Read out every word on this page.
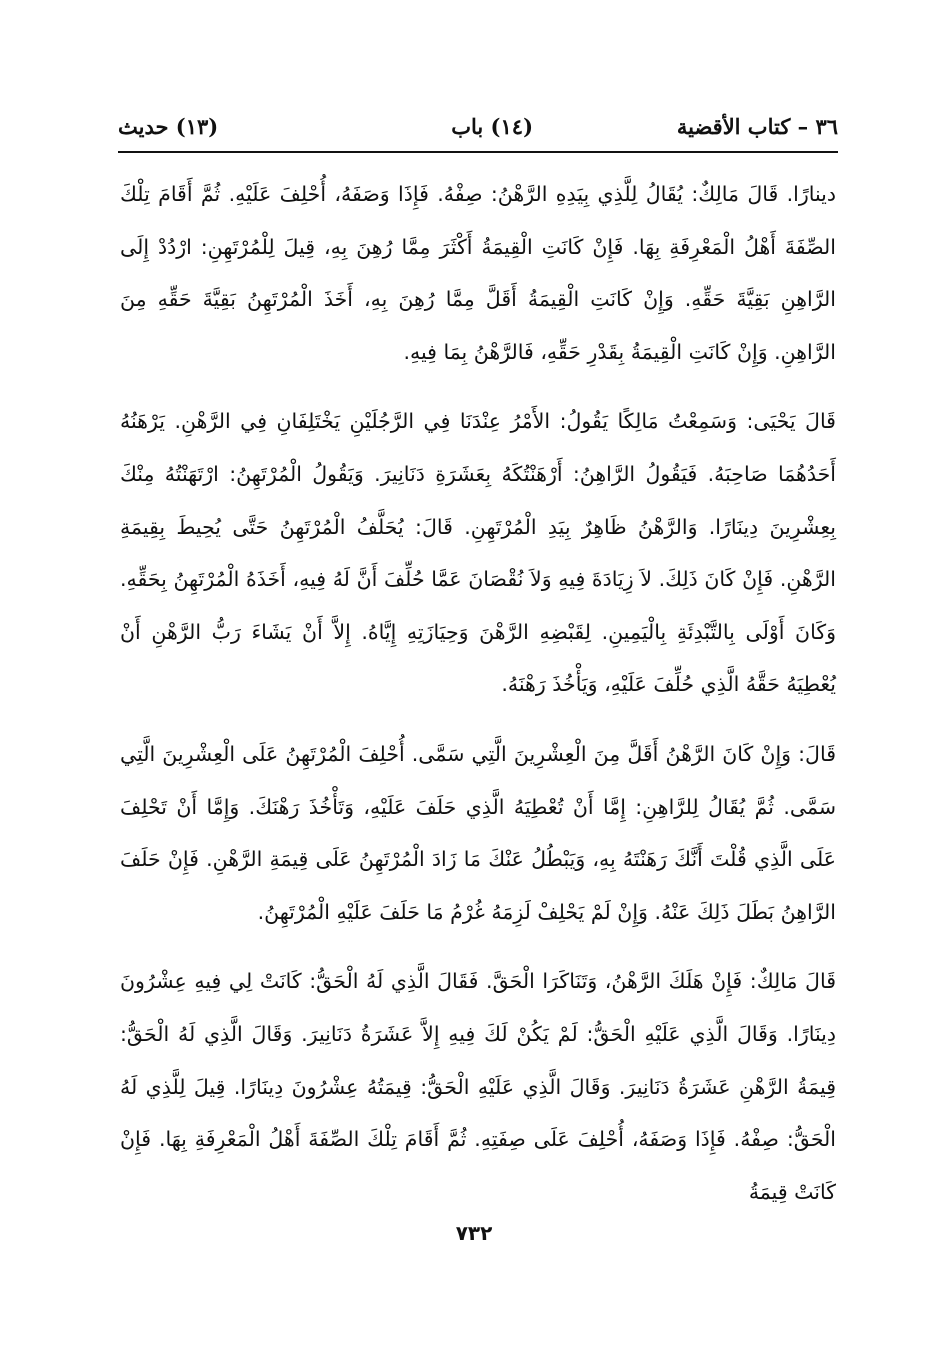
٣٦ – كتاب الأقضية
(١٤) باب
(١٣) حديث

دينارًا. قَالَ مَالِكٌ: يُقَالُ لِلَّذِي بِيَدِهِ الرَّهْنُ: صِفْهُ. فَإِذَا وَصَفَهُ، أُحْلِفَ عَلَيْهِ. ثُمَّ أَقَامَ تِلْكَ الصِّفَةَ أَهْلُ الْمَعْرِفَةِ بِهَا. فَإِنْ كَانَتِ الْقِيمَةُ أَكْثَرَ مِمَّا رُهِنَ بِهِ، قِيلَ لِلْمُرْتَهِنِ: ارْدُدْ إِلَى الرَّاهِنِ بَقِيَّةَ حَقِّهِ. وَإِنْ كَانَتِ الْقِيمَةُ أَقَلَّ مِمَّا رُهِنَ بِهِ، أَخَذَ الْمُرْتَهِنُ بَقِيَّةَ حَقِّهِ مِنَ الرَّاهِنِ. وَإِنْ كَانَتِ الْقِيمَةُ بِقَدْرِ حَقِّهِ، فَالرَّهْنُ بِمَا فِيهِ.

قَالَ يَحْيَى: وَسَمِعْتُ مَالِكًا يَقُولُ: الأَمْرُ عِنْدَنَا فِي الرَّجُلَيْنِ يَخْتَلِفَانِ فِي الرَّهْنِ. يَرْهَنُهُ أَحَدُهُمَا صَاحِبَهُ. فَيَقُولُ الرَّاهِنُ: أَرْهَنْتُكَهُ بِعَشَرَةِ دَنَانِيرَ. وَيَقُولُ الْمُرْتَهِنُ: ارْتَهَنْتُهُ مِنْكَ بِعِشْرِينَ دِينَارًا. وَالرَّهْنُ ظَاهِرٌ بِيَدِ الْمُرْتَهِنِ. قَالَ: يُحَلَّفُ الْمُرْتَهِنُ حَتَّى يُحِيطَ بِقِيمَةِ الرَّهْنِ. فَإِنْ كَانَ ذَلِكَ. لاَ زِيَادَةَ فِيهِ وَلاَ نُقْصَانَ عَمَّا حُلِّفَ أَنَّ لَهُ فِيهِ، أَخَذَهُ الْمُرْتَهِنُ بِحَقِّهِ. وَكَانَ أَوْلَى بِالتَّبْدِئَةِ بِالْيَمِينِ. لِقَبْضِهِ الرَّهْنَ وَحِيَازَتِهِ إِيَّاهُ. إِلاَّ أَنْ يَشَاءَ رَبُّ الرَّهْنِ أَنْ يُعْطِيَهُ حَقَّهُ الَّذِي حُلِّفَ عَلَيْهِ، وَيَأْخُذَ رَهْنَهُ.

قَالَ: وَإِنْ كَانَ الرَّهْنُ أَقَلَّ مِنَ الْعِشْرِينَ الَّتِي سَمَّى. أُحْلِفَ الْمُرْتَهِنُ عَلَى الْعِشْرِينَ الَّتِي سَمَّى. ثُمَّ يُقَالُ لِلرَّاهِنِ: إِمَّا أَنْ تُعْطِيَهُ الَّذِي حَلَفَ عَلَيْهِ، وَتَأْخُذَ رَهْنَكَ. وَإِمَّا أَنْ تَحْلِفَ عَلَى الَّذِي قُلْتَ أَنَّكَ رَهَنْتَهُ بِهِ، وَيَبْطُلُ عَنْكَ مَا زَادَ الْمُرْتَهِنُ عَلَى قِيمَةِ الرَّهْنِ. فَإِنْ حَلَفَ الرَّاهِنُ بَطَلَ ذَلِكَ عَنْهُ. وَإِنْ لَمْ يَحْلِفْ لَزِمَهُ غُرْمُ مَا حَلَفَ عَلَيْهِ الْمُرْتَهِنُ.

قَالَ مَالِكٌ: فَإِنْ هَلَكَ الرَّهْنُ، وَتَنَاكَرَا الْحَقَّ. فَقَالَ الَّذِي لَهُ الْحَقُّ: كَانَتْ لِي فِيهِ عِشْرُونَ دِينَارًا. وَقَالَ الَّذِي عَلَيْهِ الْحَقُّ: لَمْ يَكُنْ لَكَ فِيهِ إِلاَّ عَشَرَةُ دَنَانِيرَ. وَقَالَ الَّذِي لَهُ الْحَقُّ: قِيمَةُ الرَّهْنِ عَشَرَةُ دَنَانِيرَ. وَقَالَ الَّذِي عَلَيْهِ الْحَقُّ: قِيمَتُهُ عِشْرُونَ دِينَارًا. قِيلَ لِلَّذِي لَهُ الْحَقُّ: صِفْهُ. فَإِذَا وَصَفَهُ، أُحْلِفَ عَلَى صِفَتِهِ. ثُمَّ أَقَامَ تِلْكَ الصِّفَةَ أَهْلُ الْمَعْرِفَةِ بِهَا. فَإِنْ كَانَتْ قِيمَةُ

٧٣٢
